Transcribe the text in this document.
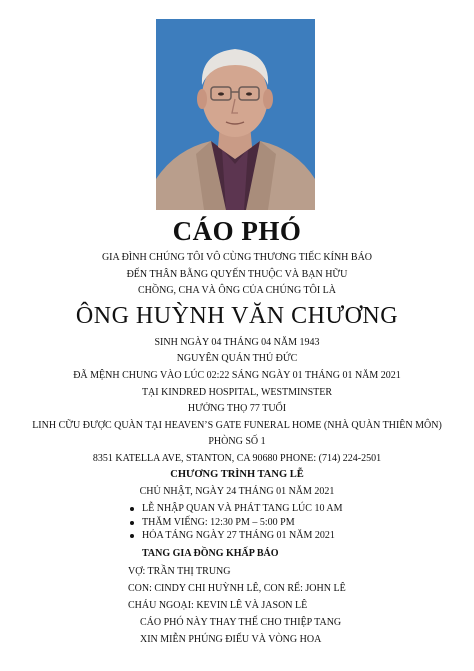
CÁO PHÓ
GIA ĐÌNH CHÚNG TÔI VÔ CÙNG THƯƠNG TIẾC KÍNH BÁO
ĐẾN THÂN BẰNG QUYẾN THUỘC VÀ BẠN HỮU
CHỒNG, CHA VÀ ÔNG CỦA CHÚNG TÔI LÀ
ÔNG HUỲNH VĂN CHƯƠNG
SINH NGÀY 04 THÁNG 04 NĂM 1943
NGUYÊN QUÁN THỦ ĐỨC
ĐÃ MỆNH CHUNG VÀO LÚC 02:22 SÁNG NGÀY 01 THÁNG 01 NĂM 2021
TẠI KINDRED HOSPITAL, WESTMINSTER
HƯỞNG THỌ 77 TUỔI
LINH CỮU ĐƯỢC QUÀN TẠI HEAVEN’S GATE FUNERAL HOME (NHÀ QUÀN THIÊN MÔN)
PHÒNG SỐ 1
8351 KATELLA AVE, STANTON, CA 90680 PHONE: (714) 224-2501
CHƯƠNG TRÌNH TANG LỄ
CHỦ NHẬT, NGÀY 24 THÁNG 01 NĂM 2021
LỄ NHẬP QUAN VÀ PHÁT TANG LÚC 10 AM
THĂM VIẾNG: 12:30 PM – 5:00 PM
HỎA TÁNG NGÀY 27 THÁNG 01 NĂM 2021
TANG GIA ĐỒNG KHẤP BÁO
VỢ: TRẦN THỊ TRUNG
CON: CINDY CHI HUỲNH LÊ, CON RỂ: JOHN LÊ
CHÁU NGOẠI: KEVIN LÊ VÀ JASON LÊ
CÁO PHÓ NÀY THAY THẾ CHO THIỆP TANG
XIN MIỄN PHÚNG ĐIẾU VÀ VÒNG HOA
